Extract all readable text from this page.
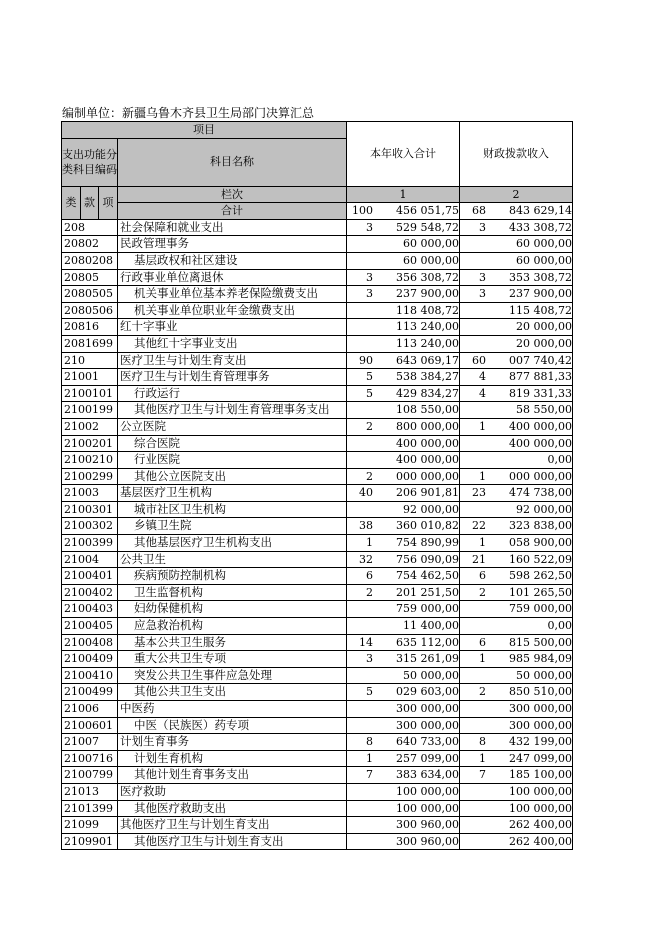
编制单位：新疆乌鲁木齐县卫生局部门决算汇总
项目				本年收入合计	财政拨款收入
支出功能分类科目编码			科目名称		

类	款	项	栏次	1	2
			合计	100 456 051,75	68 843 629,14
208			社会保障和就业支出	3 529 548,72	3 433 308,72
20802			民政管理事务	60 000,00	60 000,00
2080208			基层政权和社区建设	60 000,00	60 000,00
20805			行政事业单位离退休	3 356 308,72	3 353 308,72
2080505			机关事业单位基本养老保险缴费支出	3 237 900,00	3 237 900,00
2080506			机关事业单位职业年金缴费支出	118 408,72	115 408,72
20816			红十字事业	113 240,00	20 000,00
2081699			其他红十字事业支出	113 240,00	20 000,00
210			医疗卫生与计划生育支出	90 643 069,17	60 007 740,42
21001			医疗卫生与计划生育管理事务	5 538 384,27	4 877 881,33
2100101			行政运行	5 429 834,27	4 819 331,33
2100199			其他医疗卫生与计划生育管理事务支出	108 550,00	58 550,00
21002			公立医院	2 800 000,00	1 400 000,00
2100201			综合医院	400 000,00	400 000,00
2100210			行业医院	400 000,00	0,00
2100299			其他公立医院支出	2 000 000,00	1 000 000,00
21003			基层医疗卫生机构	40 206 901,81	23 474 738,00
2100301			城市社区卫生机构	92 000,00	92 000,00
2100302			乡镇卫生院	38 360 010,82	22 323 838,00
2100399			其他基层医疗卫生机构支出	1 754 890,99	1 058 900,00
21004			公共卫生	32 756 090,09	21 160 522,09
2100401			疾病预防控制机构	6 754 462,50	6 598 262,50
2100402			卫生监督机构	2 201 251,50	2 101 265,50
2100403			妇幼保健机构	759 000,00	759 000,00
2100405			应急救治机构	11 400,00	0,00
2100408			基本公共卫生服务	14 635 112,00	6 815 500,00
2100409			重大公共卫生专项	3 315 261,09	1 985 984,09
2100410			突发公共卫生事件应急处理	50 000,00	50 000,00
2100499			其他公共卫生支出	5 029 603,00	2 850 510,00
21006			中医药	300 000,00	300 000,00
2100601			中医（民族医）药专项	300 000,00	300 000,00
21007			计划生育事务	8 640 733,00	8 432 199,00
2100716			计划生育机构	1 257 099,00	1 247 099,00
2100799			其他计划生育事务支出	7 383 634,00	7 185 100,00
21013			医疗救助	100 000,00	100 000,00
2101399			其他医疗救助支出	100 000,00	100 000,00
21099			其他医疗卫生与计划生育支出	300 960,00	262 400,00
2109901			其他医疗卫生与计划生育支出	300 960,00	262 400,00
